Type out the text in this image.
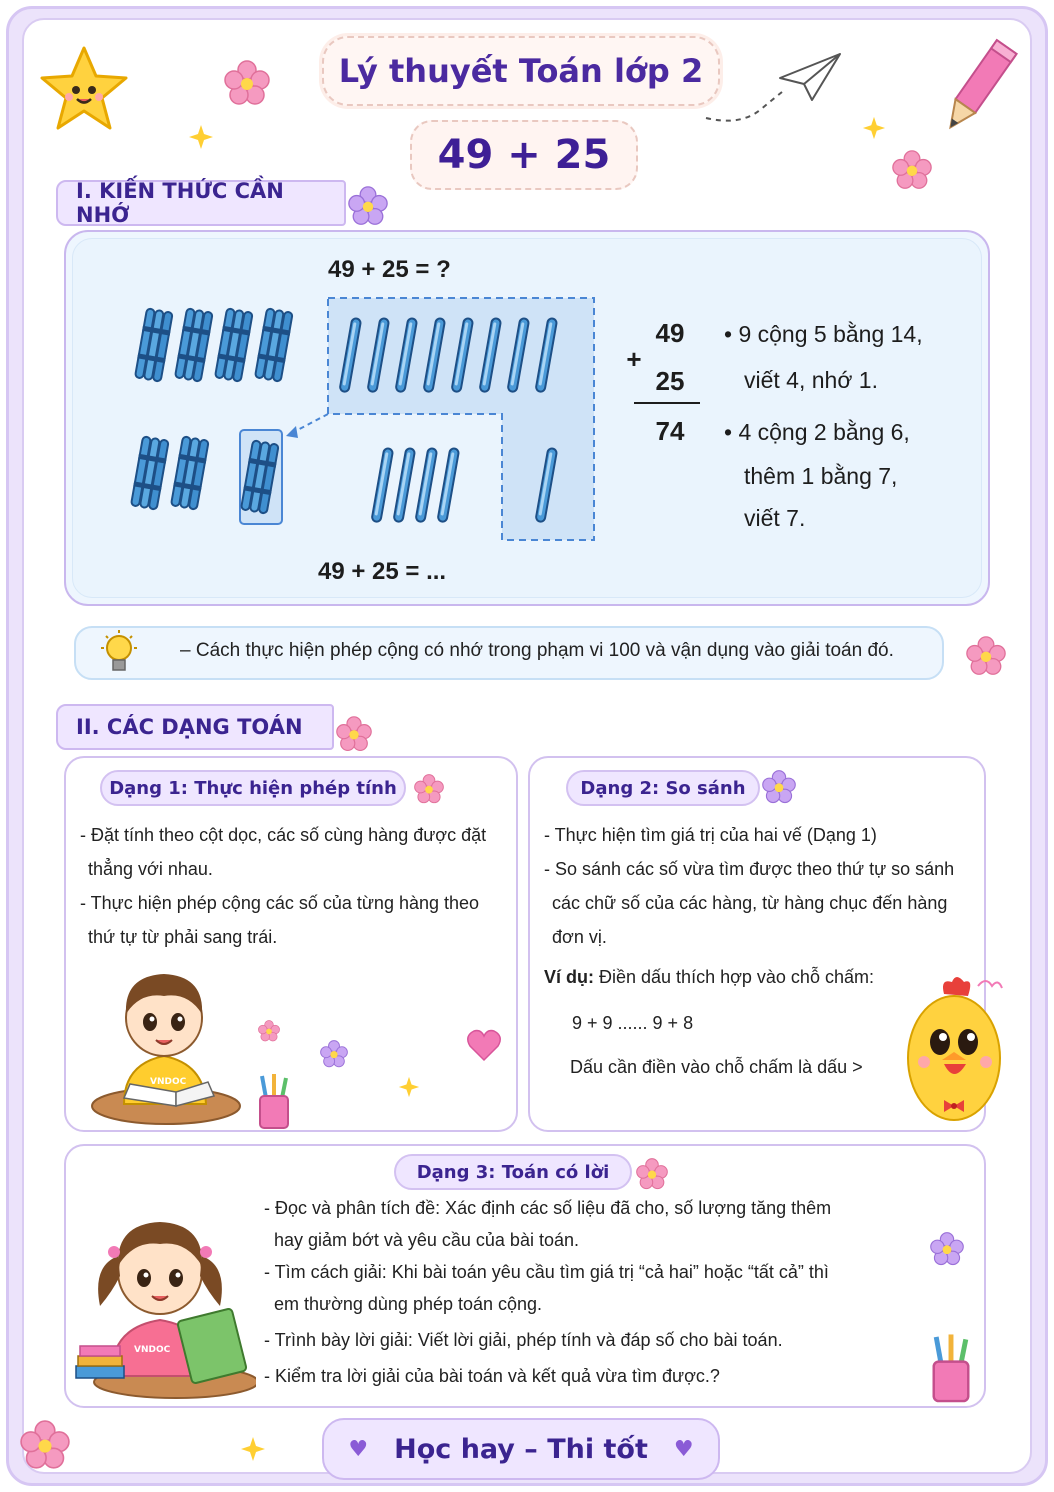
Lý thuyết Toán lớp 2
49 + 25
I. KIẾN THỨC CẦN NHỚ
49 + 25 = ?
49 + 25 = ...
49
+
25
74
• 9 cộng 5 bằng 14,
viết 4, nhớ 1.
• 4 cộng 2 bằng 6,
thêm 1 bằng 7,
viết 7.
– Cách thực hiện phép cộng có nhớ trong phạm vi 100 và vận dụng vào giải toán đó.
II. CÁC DẠNG TOÁN
Dạng 1: Thực hiện phép tính
- Đặt tính theo cột dọc, các số cùng hàng được đặt
thẳng với nhau.
- Thực hiện phép cộng các số của từng hàng theo
thứ tự từ phải sang trái.
VNDOC
Dạng 2: So sánh
- Thực hiện tìm giá trị của hai vế (Dạng 1)
- So sánh các số vừa tìm được theo thứ tự so sánh
các chữ số của các hàng, từ hàng chục đến hàng
đơn vị.
Ví dụ: Điền dấu thích hợp vào chỗ chấm:
9 + 9 ...... 9 + 8
Dấu cần điền vào chỗ chấm là dấu >
Dạng 3: Toán có lời
- Đọc và phân tích đề: Xác định các số liệu đã cho, số lượng tăng thêm
hay giảm bớt và yêu cầu của bài toán.
- Tìm cách giải: Khi bài toán yêu cầu tìm giá trị “cả hai” hoặc “tất cả” thì
em thường dùng phép toán cộng.
- Trình bày lời giải: Viết lời giải, phép tính và đáp số cho bài toán.
- Kiểm tra lời giải của bài toán và kết quả vừa tìm được.?
VNDOC
♥ Học hay – Thi tốt ♥
